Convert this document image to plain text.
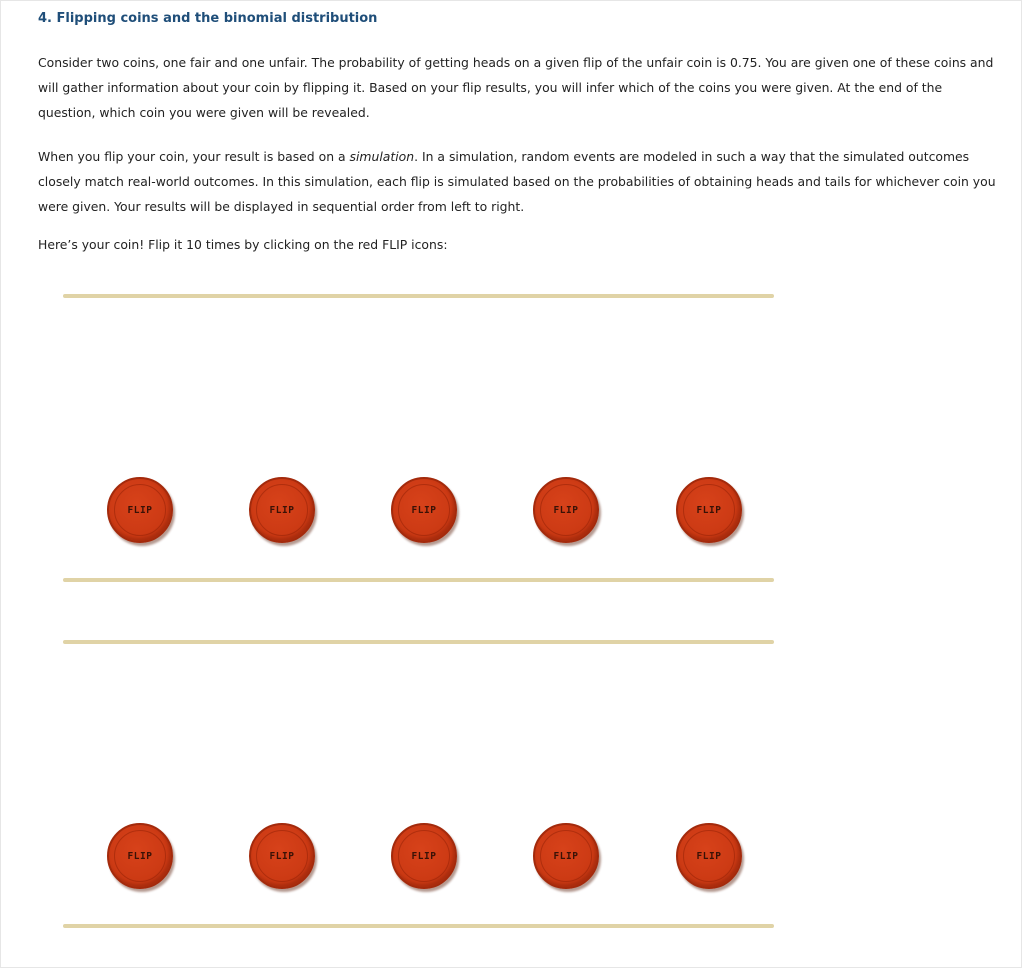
4. Flipping coins and the binomial distribution

Consider two coins, one fair and one unfair. The probability of getting heads on a given flip of the unfair coin is 0.75. You are given one of these coins and will gather information about your coin by flipping it. Based on your flip results, you will infer which of the coins you were given. At the end of the question, which coin you were given will be revealed.

When you flip your coin, your result is based on a simulation. In a simulation, random events are modeled in such a way that the simulated outcomes closely match real-world outcomes. In this simulation, each flip is simulated based on the probabilities of obtaining heads and tails for whichever coin you were given. Your results will be displayed in sequential order from left to right.

Here’s your coin! Flip it 10 times by clicking on the red FLIP icons:

FLIP	FLIP	FLIP	FLIP	FLIP
FLIP	FLIP	FLIP	FLIP	FLIP
